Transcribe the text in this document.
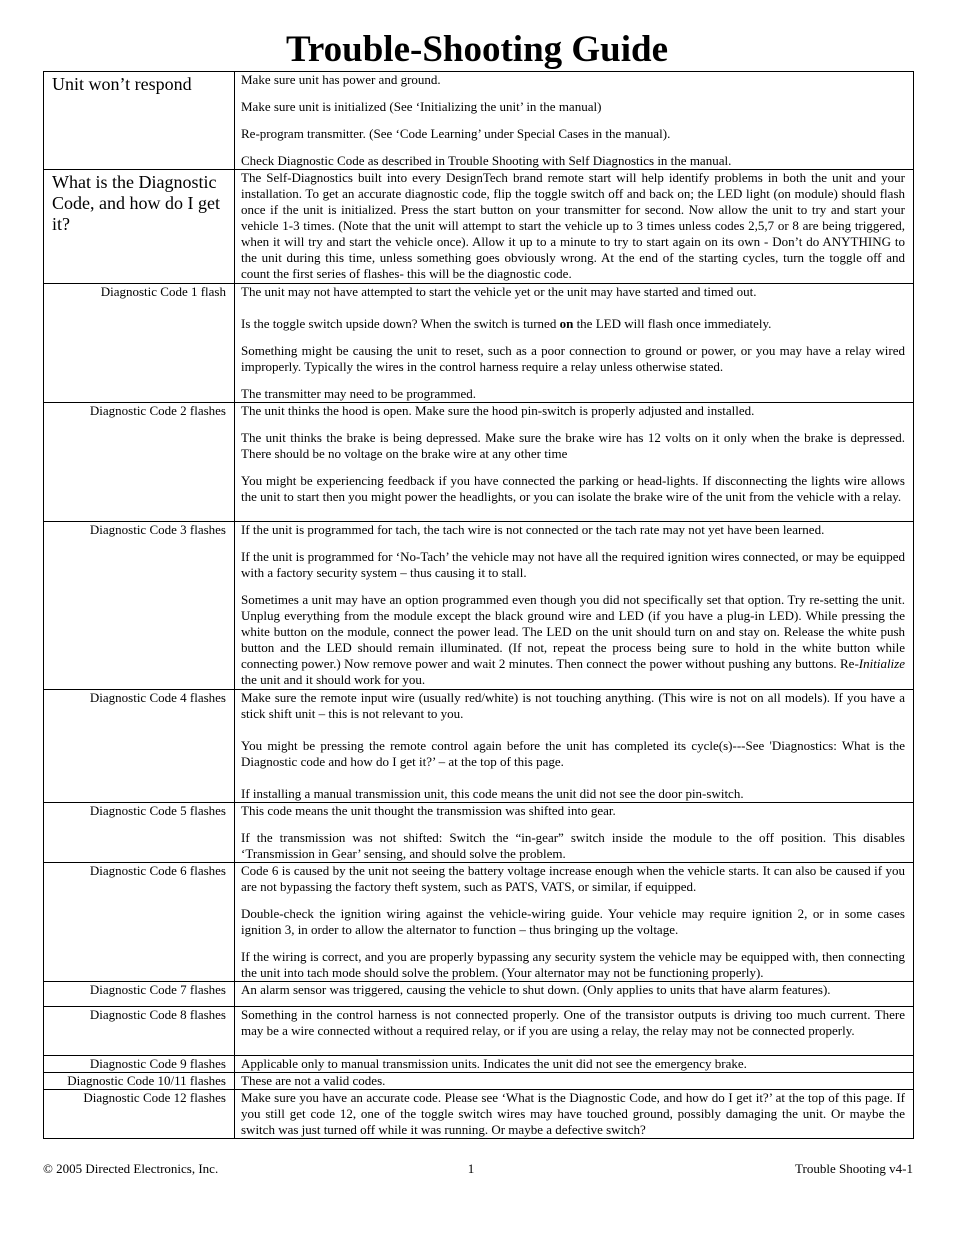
Trouble-Shooting Guide
Unit won’t respond	Make sure unit has power and ground.

Make sure unit is initialized (See ‘Initializing the unit’ in the manual)

Re-program transmitter. (See ‘Code Learning’ under Special Cases in the manual).

Check Diagnostic Code as described in Trouble Shooting with Self Diagnostics in the manual.

What is the Diagnostic Code, and how do I get it?	The Self-Diagnostics built into every DesignTech brand remote start will help identify problems in both the unit and your installation. To get an accurate diagnostic code, flip the toggle switch off and back on; the LED light (on module) should flash once if the unit is initialized. Press the start button on your transmitter for second. Now allow the unit to try and start your vehicle 1-3 times. (Note that the unit will attempt to start the vehicle up to 3 times unless codes 2,5,7 or 8 are being triggered, when it will try and start the vehicle once). Allow it up to a minute to try to start again on its own - Don’t do ANYTHING to the unit during this time, unless something goes obviously wrong. At the end of the starting cycles, turn the toggle off and count the first series of flashes- this will be the diagnostic code.

Diagnostic Code 1 flash	The unit may not have attempted to start the vehicle yet or the unit may have started and timed out.

Is the toggle switch upside down? When the switch is turned on the LED will flash once immediately.

Something might be causing the unit to reset, such as a poor connection to ground or power, or you may have a relay wired improperly. Typically the wires in the control harness require a relay unless otherwise stated.

The transmitter may need to be programmed.

Diagnostic Code 2 flashes	The unit thinks the hood is open. Make sure the hood pin-switch is properly adjusted and installed.

The unit thinks the brake is being depressed. Make sure the brake wire has 12 volts on it only when the brake is depressed. There should be no voltage on the brake wire at any other time

You might be experiencing feedback if you have connected the parking or head-lights. If disconnecting the lights wire allows the unit to start then you might power the headlights, or you can isolate the brake wire of the unit from the vehicle with a relay.

Diagnostic Code 3 flashes	If the unit is programmed for tach, the tach wire is not connected or the tach rate may not yet have been learned.

If the unit is programmed for ‘No-Tach’ the vehicle may not have all the required ignition wires connected, or may be equipped with a factory security system – thus causing it to stall.

Sometimes a unit may have an option programmed even though you did not specifically set that option. Try re-setting the unit. Unplug everything from the module except the black ground wire and LED (if you have a plug-in LED). While pressing the white button on the module, connect the power lead. The LED on the unit should turn on and stay on. Release the white push button and the LED should remain illuminated. (If not, repeat the process being sure to hold in the white button while connecting power.) Now remove power and wait 2 minutes. Then connect the power without pushing any buttons. Re-Initialize the unit and it should work for you.

Diagnostic Code 4 flashes	Make sure the remote input wire (usually red/white) is not touching anything. (This wire is not on all models). If you have a stick shift unit – this is not relevant to you.

You might be pressing the remote control again before the unit has completed its cycle(s)---See 'Diagnostics: What is the Diagnostic code and how do I get it?’ – at the top of this page.

If installing a manual transmission unit, this code means the unit did not see the door pin-switch.

Diagnostic Code 5 flashes	This code means the unit thought the transmission was shifted into gear.

If the transmission was not shifted: Switch the “in-gear” switch inside the module to the off position. This disables ‘Transmission in Gear’ sensing, and should solve the problem.

Diagnostic Code 6 flashes	Code 6 is caused by the unit not seeing the battery voltage increase enough when the vehicle starts. It can also be caused if you are not bypassing the factory theft system, such as PATS, VATS, or similar, if equipped.

Double-check the ignition wiring against the vehicle-wiring guide. Your vehicle may require ignition 2, or in some cases ignition 3, in order to allow the alternator to function – thus bringing up the voltage.

If the wiring is correct, and you are properly bypassing any security system the vehicle may be equipped with, then connecting the unit into tach mode should solve the problem. (Your alternator may not be functioning properly).

Diagnostic Code 7 flashes	An alarm sensor was triggered, causing the vehicle to shut down. (Only applies to units that have alarm features).

Diagnostic Code 8 flashes	Something in the control harness is not connected properly. One of the transistor outputs is driving too much current. There may be a wire connected without a required relay, or if you are using a relay, the relay may not be connected properly.

Diagnostic Code 9 flashes	Applicable only to manual transmission units. Indicates the unit did not see the emergency brake.

Diagnostic Code 10/11 flashes	These are not a valid codes.

Diagnostic Code 12 flashes	Make sure you have an accurate code. Please see ‘What is the Diagnostic Code, and how do I get it?’ at the top of this page. If you still get code 12, one of the toggle switch wires may have touched ground, possibly damaging the unit. Or maybe the switch was just turned off while it was running. Or maybe a defective switch?

© 2005 Directed Electronics, Inc.	1	Trouble Shooting v4-1
